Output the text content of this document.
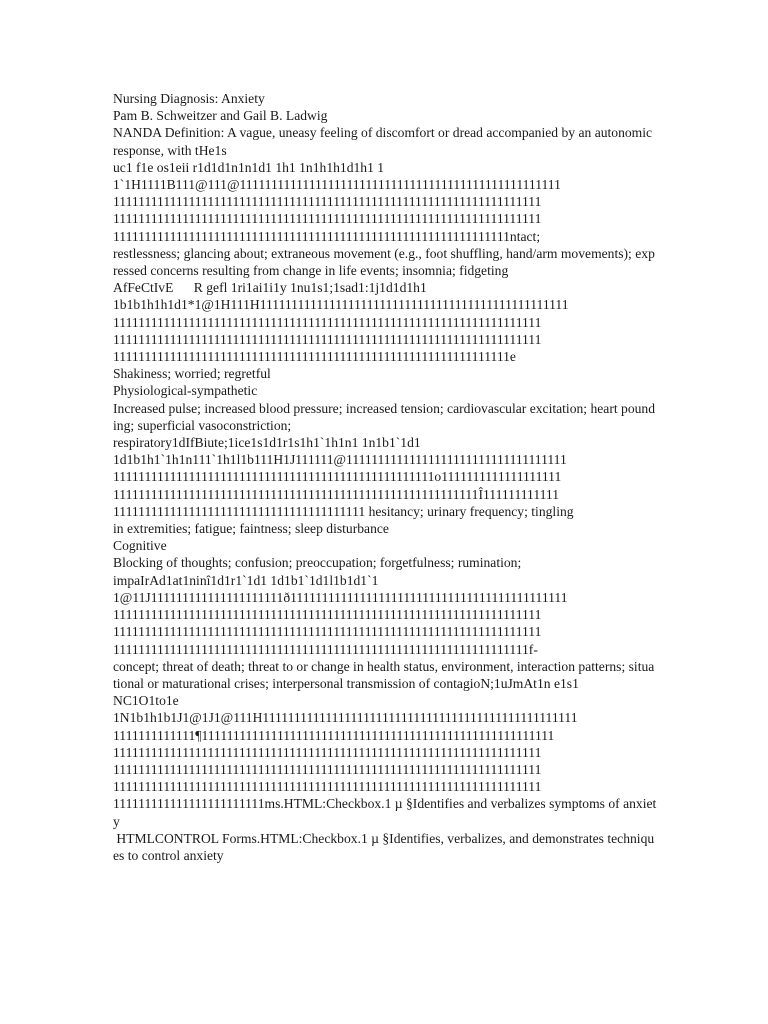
Nursing Diagnosis: Anxiety
Pam B. Schweitzer and Gail B. Ladwig
NANDA Definition: A vague, uneasy feeling of discomfort or dread accompanied by an autonomic response, with tHe1s
uc1 f1e os1eii r1d1d1n1n1d1 1h1 1n1h1h1d1h1 1
1`1H1111B111@111@111111111111111111111111111111111111111111111111111
11111111111111111111111111111111111111111111111111111111111111111111
11111111111111111111111111111111111111111111111111111111111111111111
111111111111111111111111111111111111111111111111111111111111111ntact;
restlessness; glancing about; extraneous movement (e.g., foot shuffling, hand/arm movements); expressed concerns resulting from change in life events; insomnia; fidgeting
AfFeCtIvE      R gefl 1ri1ai1i1y 1nu1s1;1sad1:1j1d1d1h1
1b1b1h1h1d1*1@1H111H1111111111111111111111111111111111111111111111111
11111111111111111111111111111111111111111111111111111111111111111111
11111111111111111111111111111111111111111111111111111111111111111111
111111111111111111111111111111111111111111111111111111111111111e
Shakiness; worried; regretful
Physiological-sympathetic
Increased pulse; increased blood pressure; increased tension; cardiovascular excitation; heart pounding; superficial vasoconstriction;
respiratory1dIfBiute;1ice1s1d1r1s1h1`1h1n1 1n1b1`1d1
1d1b1h1`1h1n111`1h1l1b111H1J111111@11111111111111111111111111111111111
111111111111111111111111111111111111111111111111111o1111111111111111111
1111111111111111111111111111111111111111111111111111111111Î111111111111
1111111111111111111111111111111111111111 hesitancy; urinary frequency; tingling
in extremities; fatigue; faintness; sleep disturbance
Cognitive
Blocking of thoughts; confusion; preoccupation; forgetfulness; rumination;
impaIrAd1at1ninî1d1r1`1d1 1d1b1`1d1l1b1d1`1
1@11J111111111111111111111ð11111111111111111111111111111111111111111111
11111111111111111111111111111111111111111111111111111111111111111111
11111111111111111111111111111111111111111111111111111111111111111111
111111111111111111111111111111111111111111111111111111111111111111f-
concept; threat of death; threat to or change in health status, environment, interaction patterns; situational or maturational crises; interpersonal transmission of contagioN;1uJmAt1n e1s1
NC1O1to1e
1N1b1h1b1J1@1J1@111H11111111111111111111111111111111111111111111111111
1111111111111¶11111111111111111111111111111111111111111111111111111111
11111111111111111111111111111111111111111111111111111111111111111111
11111111111111111111111111111111111111111111111111111111111111111111
11111111111111111111111111111111111111111111111111111111111111111111
111111111111111111111111ms.HTML:Checkbox.1 µ §Identifies and verbalizes symptoms of anxiety
HTMLCONTROL Forms.HTML:Checkbox.1 µ §Identifies, verbalizes, and demonstrates techniques to control anxiety
